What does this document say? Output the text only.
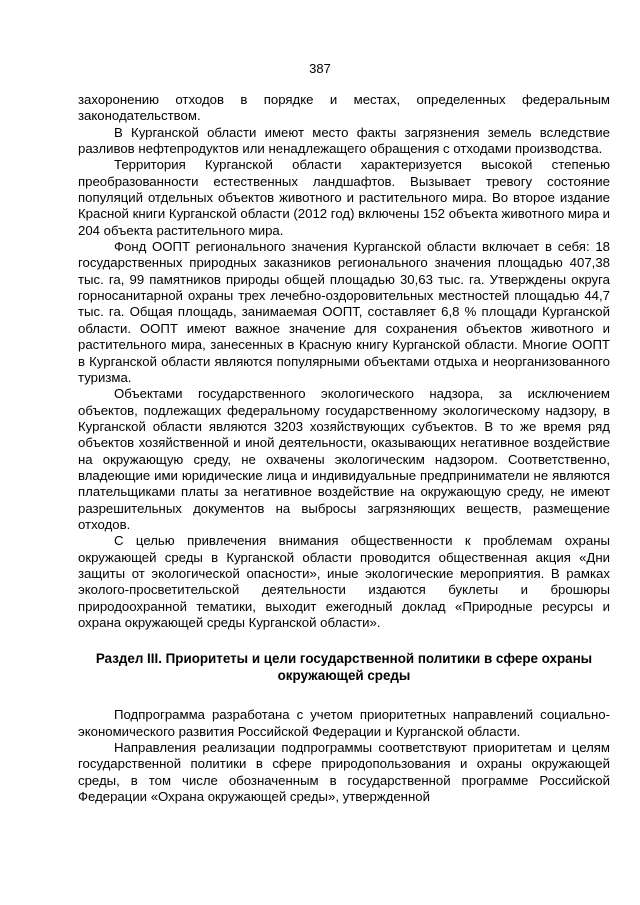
387

захоронению отходов в порядке и местах, определенных федеральным законодательством.

В Курганской области имеют место факты загрязнения земель вследствие разливов нефтепродуктов или ненадлежащего обращения с отходами производства.

Территория Курганской области характеризуется высокой степенью преобразованности естественных ландшафтов. Вызывает тревогу состояние популяций отдельных объектов животного и растительного мира. Во второе издание Красной книги Курганской области (2012 год) включены 152 объекта животного мира и 204 объекта растительного мира.

Фонд ООПТ регионального значения Курганской области включает в себя: 18 государственных природных заказников регионального значения площадью 407,38 тыс. га, 99 памятников природы общей площадью 30,63 тыс. га. Утверждены округа горносанитарной охраны трех лечебно-оздоровительных местностей площадью 44,7 тыс. га. Общая площадь, занимаемая ООПТ, составляет 6,8 % площади Курганской области. ООПТ имеют важное значение для сохранения объектов животного и растительного мира, занесенных в Красную книгу Курганской области. Многие ООПТ в Курганской области являются популярными объектами отдыха и неорганизованного туризма.

Объектами государственного экологического надзора, за исключением объектов, подлежащих федеральному государственному экологическому надзору, в Курганской области являются 3203 хозяйствующих субъектов. В то же время ряд объектов хозяйственной и иной деятельности, оказывающих негативное воздействие на окружающую среду, не охвачены экологическим надзором. Соответственно, владеющие ими юридические лица и индивидуальные предприниматели не являются плательщиками платы за негативное воздействие на окружающую среду, не имеют разрешительных документов на выбросы загрязняющих веществ, размещение отходов.

С целью привлечения внимания общественности к проблемам охраны окружающей среды в Курганской области проводится общественная акция «Дни защиты от экологической опасности», иные экологические мероприятия. В рамках эколого-просветительской деятельности издаются буклеты и брошюры природоохранной тематики, выходит ежегодный доклад «Природные ресурсы и охрана окружающей среды Курганской области».

Раздел III. Приоритеты и цели государственной политики в сфере охраны
окружающей среды

Подпрограмма разработана с учетом приоритетных направлений социально-экономического развития Российской Федерации и Курганской области.

Направления реализации подпрограммы соответствуют приоритетам и целям государственной политики в сфере природопользования и охраны окружающей среды, в том числе обозначенным в государственной программе Российской Федерации «Охрана окружающей среды», утвержденной
